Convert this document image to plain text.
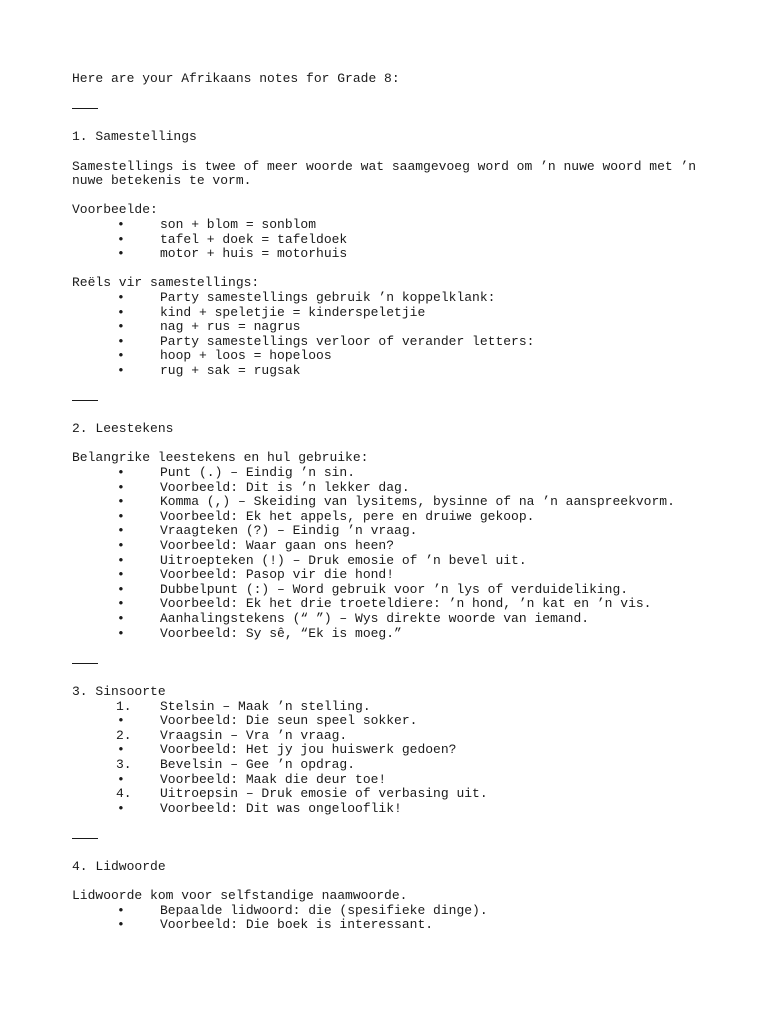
Here are your Afrikaans notes for Grade 8:
1. Samestellings
Samestellings is twee of meer woorde wat saamgevoeg word om ’n nuwe woord met ’n nuwe betekenis te vorm.
Voorbeelde:
•	son + blom = sonblom
•	tafel + doek = tafeldoek
•	motor + huis = motorhuis
Reëls vir samestellings:
•	Party samestellings gebruik ’n koppelklank:
•	kind + speletjie = kinderspeletjie
•	nag + rus = nagrus
•	Party samestellings verloor of verander letters:
•	hoop + loos = hopeloos
•	rug + sak = rugsak
2. Leestekens
Belangrike leestekens en hul gebruike:
•	Punt (.) – Eindig ’n sin.
•	Voorbeeld: Dit is ’n lekker dag.
•	Komma (,) – Skeiding van lysitems, bysinne of na ’n aanspreekvorm.
•	Voorbeeld: Ek het appels, pere en druiwe gekoop.
•	Vraagteken (?) – Eindig ’n vraag.
•	Voorbeeld: Waar gaan ons heen?
•	Uitroepteken (!) – Druk emosie of ’n bevel uit.
•	Voorbeeld: Pasop vir die hond!
•	Dubbelpunt (:) – Word gebruik voor ’n lys of verduideliking.
•	Voorbeeld: Ek het drie troeteldiere: ’n hond, ’n kat en ’n vis.
•	Aanhalingstekens (“ ”) – Wys direkte woorde van iemand.
•	Voorbeeld: Sy sê, “Ek is moeg.”
3. Sinsoorte
1.	Stelsin – Maak ’n stelling.
•	Voorbeeld: Die seun speel sokker.
2.	Vraagsin – Vra ’n vraag.
•	Voorbeeld: Het jy jou huiswerk gedoen?
3.	Bevelsin – Gee ’n opdrag.
•	Voorbeeld: Maak die deur toe!
4.	Uitroepsin – Druk emosie of verbasing uit.
•	Voorbeeld: Dit was ongelooflik!
4. Lidwoorde
Lidwoorde kom voor selfstandige naamwoorde.
•	Bepaalde lidwoord: die (spesifieke dinge).
•	Voorbeeld: Die boek is interessant.
